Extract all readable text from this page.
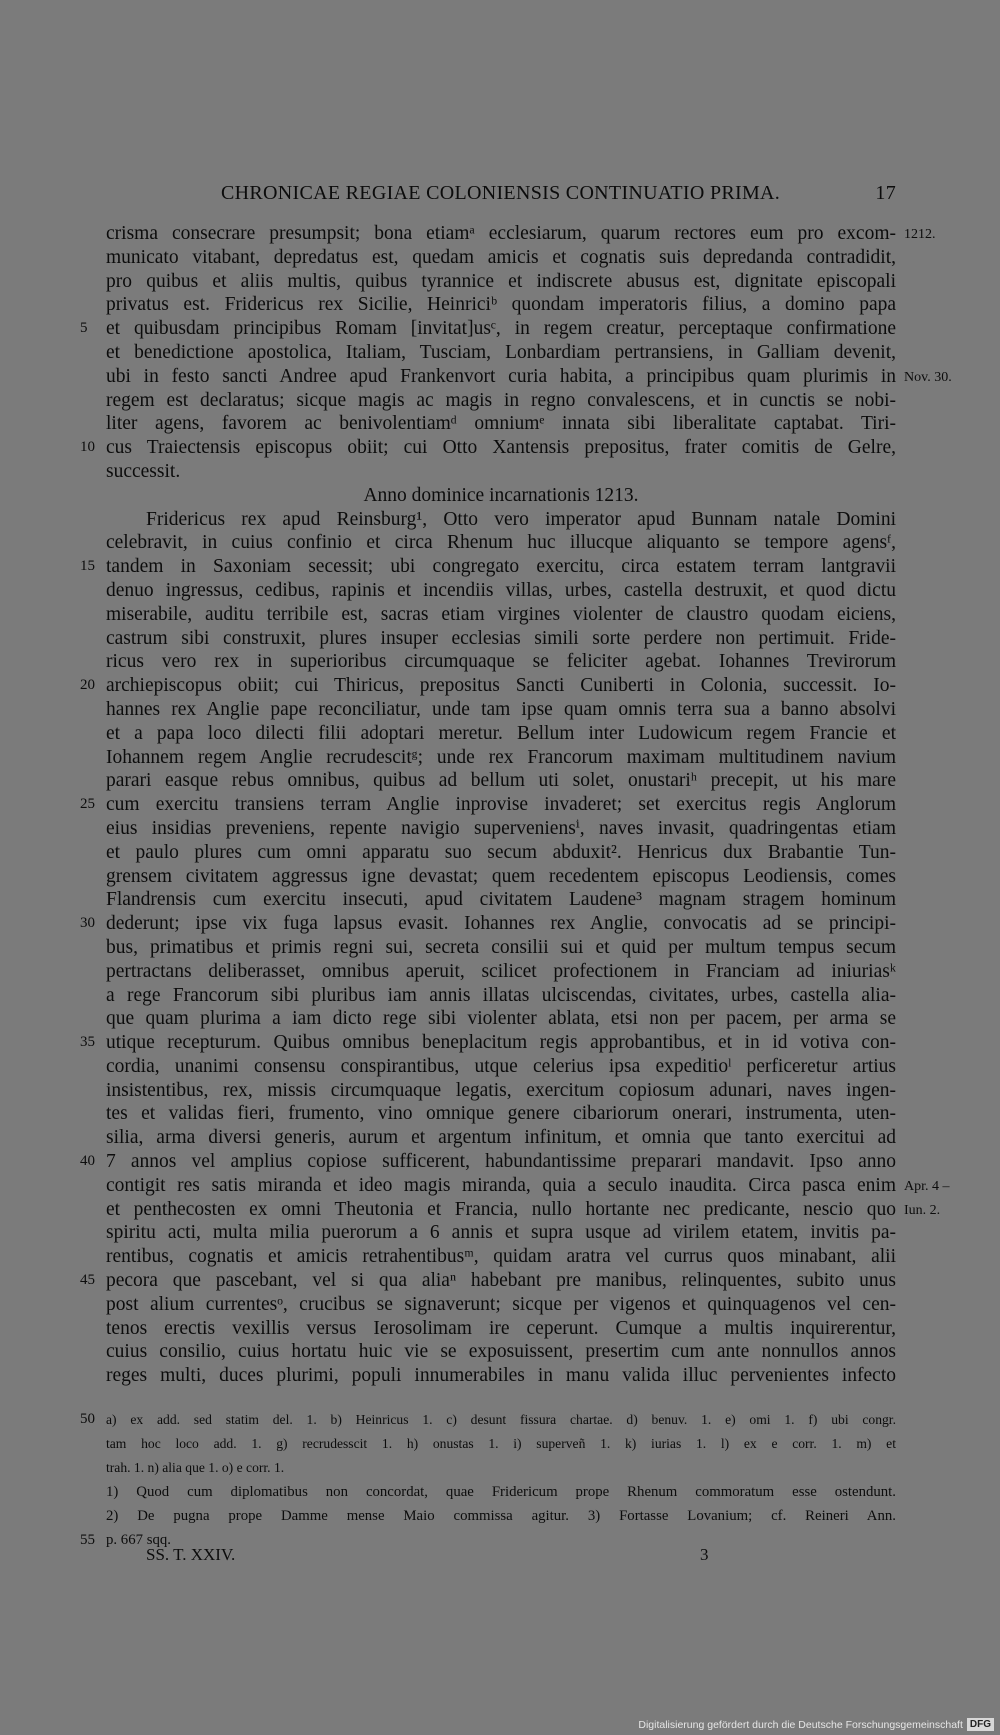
CHRONICAE REGIAE COLONIENSIS CONTINUATIO PRIMA.	17
crisma consecrare presumpsit; bona etiamᵃ ecclesiarum, quarum rectores eum pro excom- 1212.
municato vitabant, depredatus est, quedam amicis et cognatis suis depredanda contradidit,
pro quibus et aliis multis, quibus tyrannice et indiscrete abusus est, dignitate episcopali
privatus est. Fridericus rex Sicilie, Heinriciᵇ quondam imperatoris filius, a domino papa
5 et quibusdam principibus Romam [invitat]usᶜ, in regem creatur, perceptaque confirmatione
et benedictione apostolica, Italiam, Tusciam, Lonbardiam pertransiens, in Galliam devenit,
ubi in festo sancti Andree apud Frankenvort curia habita, a principibus quam plurimis in Nov. 30.
regem est declaratus; sicque magis ac magis in regno convalescens, et in cunctis se nobi-
liter agens, favorem ac benivolentiamᵈ omniumᵉ innata sibi liberalitate captabat. Tiri-
10 cus Traiectensis episcopus obiit; cui Otto Xantensis prepositus, frater comitis de Gelre,
successit.
Anno dominice incarnationis 1213.
Fridericus rex apud Reinsburg¹, Otto vero imperator apud Bunnam natale Domini
celebravit, in cuius confinio et circa Rhenum huc illucque aliquanto se tempore agensᶠ,
15 tandem in Saxoniam secessit; ubi congregato exercitu, circa estatem terram lantgravii
denuo ingressus, cedibus, rapinis et incendiis villas, urbes, castella destruxit, et quod dictu
miserabile, auditu terribile est, sacras etiam virgines violenter de claustro quodam eiciens,
castrum sibi construxit, plures insuper ecclesias simili sorte perdere non pertimuit. Fride-
ricus vero rex in superioribus circumquaque se feliciter agebat. Iohannes Trevirorum
20 archiepiscopus obiit; cui Thiricus, prepositus Sancti Cuniberti in Colonia, successit. Io-
hannes rex Anglie pape reconciliatur, unde tam ipse quam omnis terra sua a banno absolvi
et a papa loco dilecti filii adoptari meretur. Bellum inter Ludowicum regem Francie et
Iohannem regem Anglie recrudescitᵍ; unde rex Francorum maximam multitudinem navium
parari easque rebus omnibus, quibus ad bellum uti solet, onustariʰ precepit, ut his mare
25 cum exercitu transiens terram Anglie inprovise invaderet; set exercitus regis Anglorum
eius insidias preveniens, repente navigio superveniensⁱ, naves invasit, quadringentas etiam
et paulo plures cum omni apparatu suo secum abduxit². Henricus dux Brabantie Tun-
grensem civitatem aggressus igne devastat; quem recedentem episcopus Leodiensis, comes
Flandrensis cum exercitu insecuti, apud civitatem Laudene³ magnam stragem hominum
30 dederunt; ipse vix fuga lapsus evasit. Iohannes rex Anglie, convocatis ad se principi-
bus, primatibus et primis regni sui, secreta consilii sui et quid per multum tempus secum
pertractans deliberasset, omnibus aperuit, scilicet profectionem in Franciam ad iniuriasᵏ
a rege Francorum sibi pluribus iam annis illatas ulciscendas, civitates, urbes, castella alia-
que quam plurima a iam dicto rege sibi violenter ablata, etsi non per pacem, per arma se
35 utique recepturum. Quibus omnibus beneplacitum regis approbantibus, et in id votiva con-
cordia, unanimi consensu conspirantibus, utque celerius ipsa expeditioˡ perficeretur artius
insistentibus, rex, missis circumquaque legatis, exercitum copiosum adunari, naves ingen-
tes et validas fieri, frumento, vino omnique genere cibariorum onerari, instrumenta, uten-
silia, arma diversi generis, aurum et argentum infinitum, et omnia que tanto exercitui ad
40 7 annos vel amplius copiose sufficerent, habundantissime preparari mandavit. Ipso anno
contigit res satis miranda et ideo magis miranda, quia a seculo inaudita. Circa pasca enim Apr. 4 –
et penthecosten ex omni Theutonia et Francia, nullo hortante nec predicante, nescio quo Iun. 2.
spiritu acti, multa milia puerorum a 6 annis et supra usque ad virilem etatem, invitis pa-
rentibus, cognatis et amicis retrahentibusᵐ, quidam aratra vel currus quos minabant, alii
45 pecora que pascebant, vel si qua aliaⁿ habebant pre manibus, relinquentes, subito unus
post alium currentesᵒ, crucibus se signaverunt; sicque per vigenos et quinquagenos vel cen-
tenos erectis vexillis versus Ierosolimam ire ceperunt. Cumque a multis inquirerentur,
cuius consilio, cuius hortatu huic vie se exposuissent, presertim cum ante nonnullos annos
reges multi, duces plurimi, populi innumerabiles in manu valida illuc pervenientes infecto
50 a) ex add. sed statim del. 1. b) Heinricus 1. c) desunt fissura chartae. d) benuv. 1. e) omi 1. f) ubi congr.
tam hoc loco add. 1. g) recrudesscit 1. h) onustas 1. i) superveñ 1. k) iurias 1. l) ex e corr. 1. m) et
trah. 1. n) alia que 1. o) e corr. 1.
1) Quod cum diplomatibus non concordat, quae Fridericum prope Rhenum commoratum esse ostendunt.
2) De pugna prope Damme mense Maio commissa agitur. 3) Fortasse Lovanium; cf. Reineri Ann.
55 p. 667 sqq.
SS. T. XXIV.	3
Digitalisierung gefördert durch die Deutsche Forschungsgemeinschaft DFG
